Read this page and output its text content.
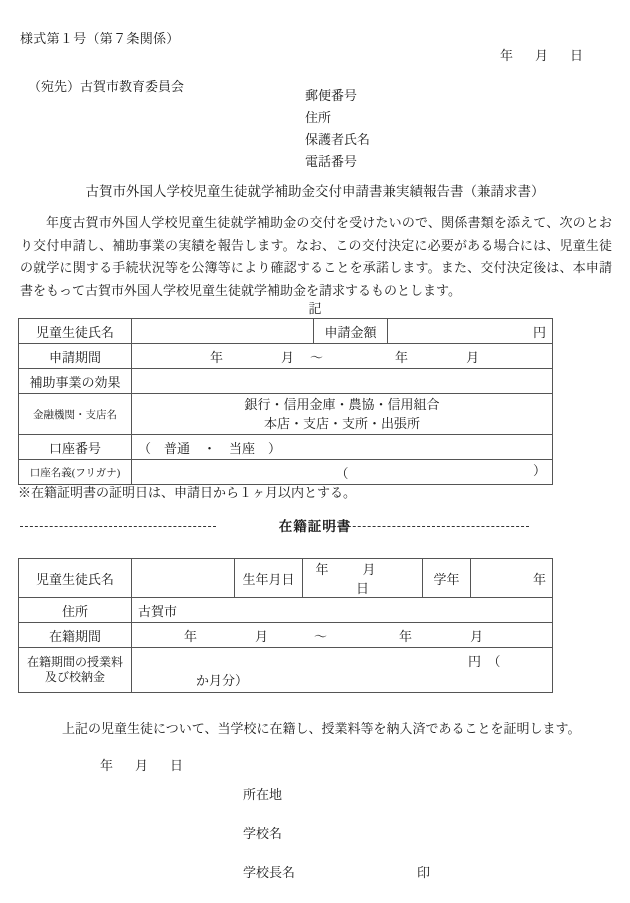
様式第１号（第７条関係）
年 月 日
（宛先）古賀市教育委員会
郵便番号
住所
保護者氏名
電話番号
古賀市外国人学校児童生徒就学補助金交付申請書兼実績報告書（兼請求書）
年度古賀市外国人学校児童生徒就学補助金の交付を受けたいので、関係書類を添えて、次のとおり交付申請し、補助事業の実績を報告します。なお、この交付決定に必要がある場合には、児童生徒の就学に関する手続状況等を公簿等により確認することを承諾します。また、交付決定後は、本申請書をもって古賀市外国人学校児童生徒就学補助金を請求するものとします。
記
児童生徒氏名		申請金額	円
申請期間	年 月 ～ 年 月		
補助事業の効果			
金融機関・支店名	銀行・信用金庫・農協・信用組合
本店・支店・支所・出張所		

口座番号	（　普通　・　当座　）		
口座名義(フリガナ)	（ ）		
※在籍証明書の証明日は、申請日から１ヶ月以内とする。
在籍証明書
児童生徒氏名		生年月日	年 月日	学年	年
住所	古賀市				
在籍期間	年 月 ～ 年 月				

在籍期間の授業料
及び校納金	円　（か月分）				
上記の児童生徒について、当学校に在籍し、授業料等を納入済であることを証明します。
年 月 日
所在地
学校名
学校長名	印
